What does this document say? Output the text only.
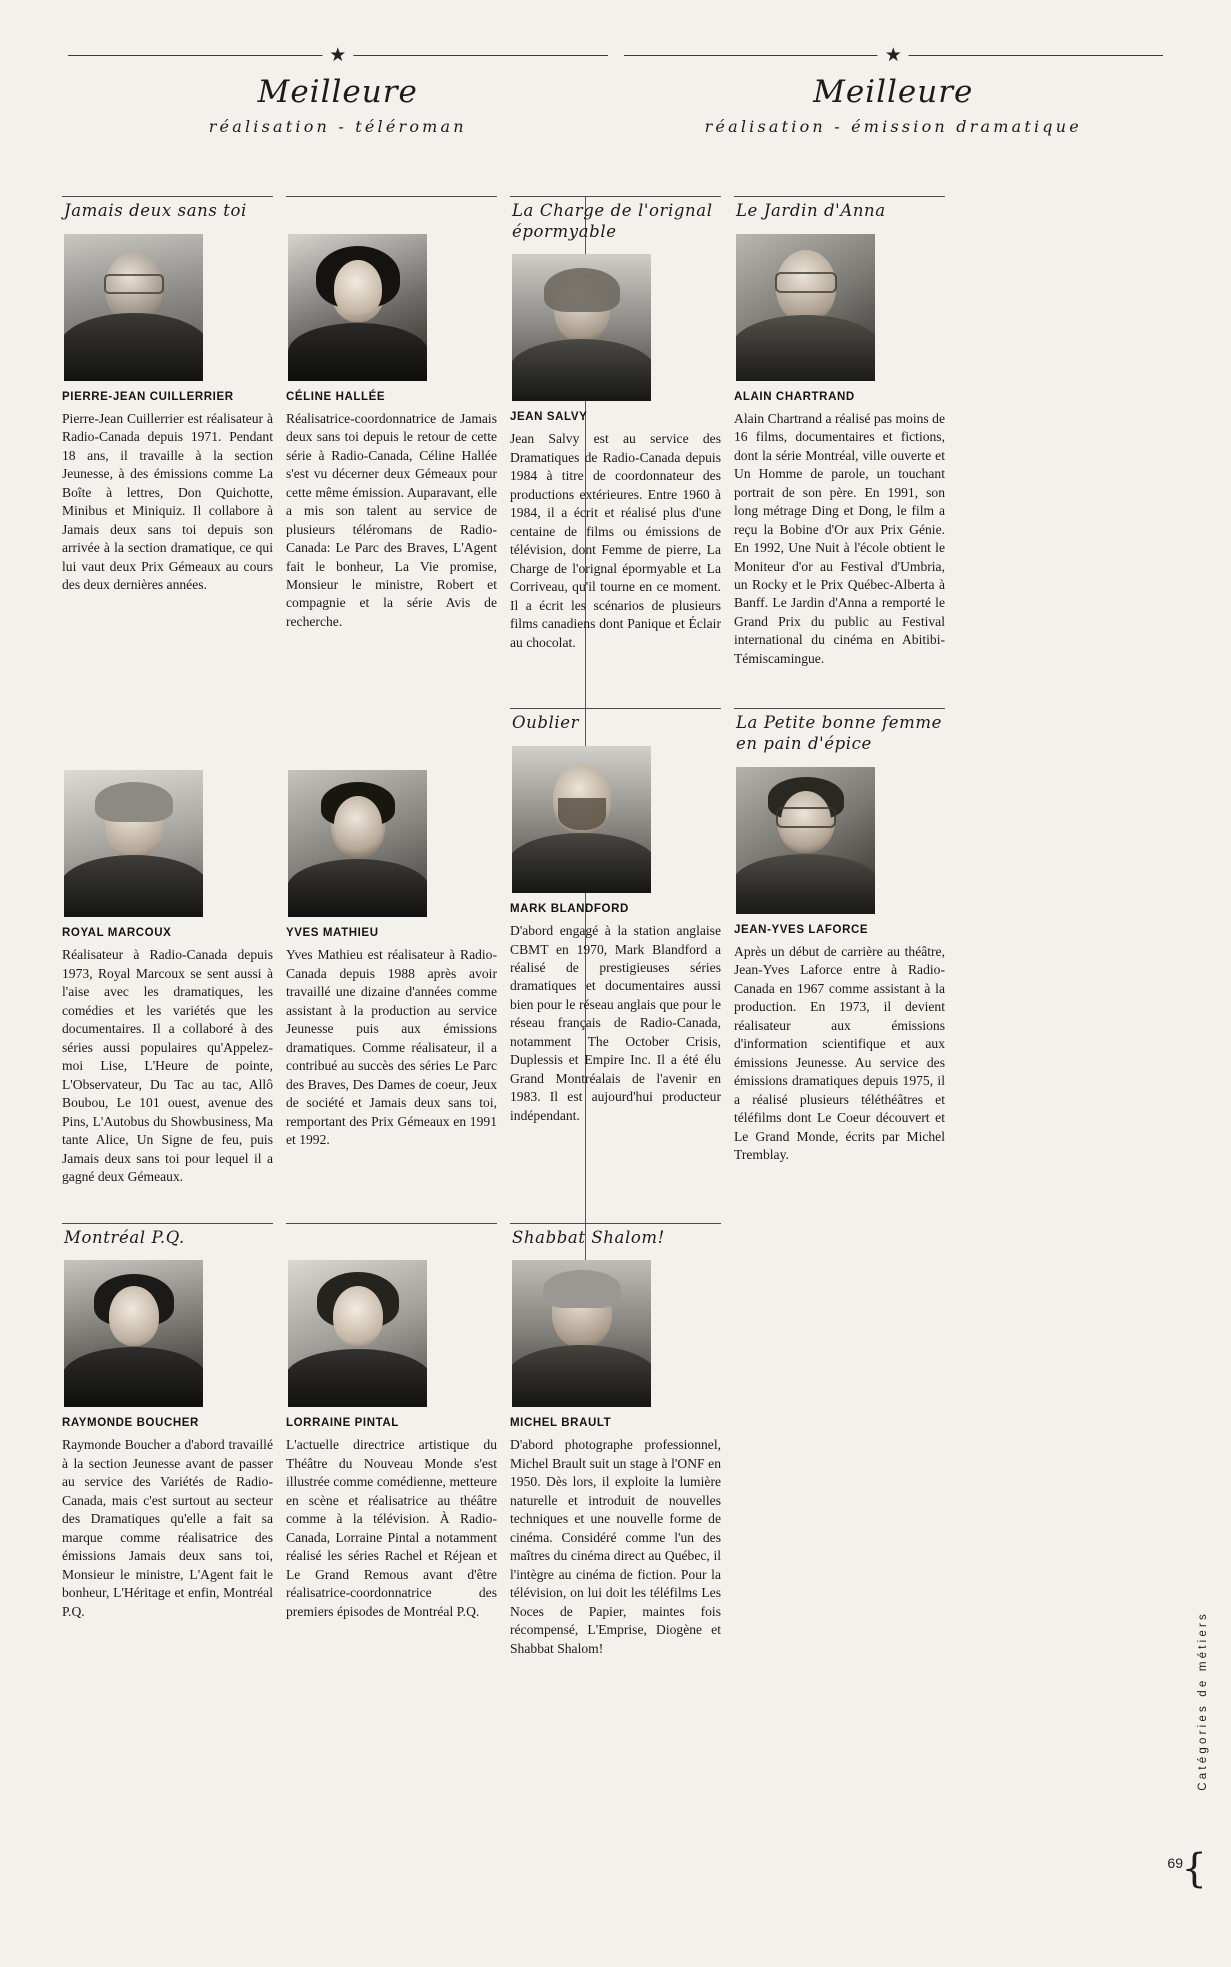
★
Meilleure
réalisation - téléroman
★
Meilleure
réalisation - émission dramatique
Jamais deux sans toi
PIERRE-JEAN CUILLERRIER
Pierre-Jean Cuillerrier est réalisateur à Radio-Canada depuis 1971. Pendant 18 ans, il travaille à la section Jeunesse, à des émissions comme La Boîte à lettres, Don Quichotte, Minibus et Miniquiz. Il collabore à Jamais deux sans toi depuis son arrivée à la section dramatique, ce qui lui vaut deux Prix Gémeaux au cours des deux dernières années.

CÉLINE HALLÉE
Réalisatrice-coordonnatrice de Jamais deux sans toi depuis le retour de cette série à Radio-Canada, Céline Hallée s'est vu décerner deux Gémeaux pour cette même émission. Auparavant, elle a mis son talent au service de plusieurs téléromans de Radio-Canada: Le Parc des Braves, L'Agent fait le bonheur, La Vie promise, Monsieur le ministre, Robert et compagnie et la série Avis de recherche.
La Charge de l'orignal épormyable
JEAN SALVY
Jean Salvy est au service des Dramatiques de Radio-Canada depuis 1984 à titre de coordonnateur des productions extérieures. Entre 1960 à 1984, il a écrit et réalisé plus d'une centaine de films ou émissions de télévision, dont Femme de pierre, La Charge de l'orignal épormyable et La Corriveau, qu'il tourne en ce moment. Il a écrit les scénarios de plusieurs films canadiens dont Panique et Éclair au chocolat.
Le Jardin d'Anna
ALAIN CHARTRAND
Alain Chartrand a réalisé pas moins de 16 films, documentaires et fictions, dont la série Montréal, ville ouverte et Un Homme de parole, un touchant portrait de son père. En 1991, son long métrage Ding et Dong, le film a reçu la Bobine d'Or aux Prix Génie. En 1992, Une Nuit à l'école obtient le Moniteur d'or au Festival d'Umbria, un Rocky et le Prix Québec-Alberta à Banff. Le Jardin d'Anna a remporté le Grand Prix du public au Festival international du cinéma en Abitibi-Témiscamingue.
ROYAL MARCOUX
Réalisateur à Radio-Canada depuis 1973, Royal Marcoux se sent aussi à l'aise avec les dramatiques, les comédies et les variétés que les documentaires. Il a collaboré à des séries aussi populaires qu'Appelez-moi Lise, L'Heure de pointe, L'Observateur, Du Tac au tac, Allô Boubou, Le 101 ouest, avenue des Pins, L'Autobus du Showbusiness, Ma tante Alice, Un Signe de feu, puis Jamais deux sans toi pour lequel il a gagné deux Gémeaux.
YVES MATHIEU
Yves Mathieu est réalisateur à Radio-Canada depuis 1988 après avoir travaillé une dizaine d'années comme assistant à la production au service Jeunesse puis aux émissions dramatiques. Comme réalisateur, il a contribué au succès des séries Le Parc des Braves, Des Dames de coeur, Jeux de société et Jamais deux sans toi, remportant des Prix Gémeaux en 1991 et 1992.
Oublier
MARK BLANDFORD
D'abord engagé à la station anglaise CBMT en 1970, Mark Blandford a réalisé de prestigieuses séries dramatiques et documentaires aussi bien pour le réseau anglais que pour le réseau français de Radio-Canada, notamment The October Crisis, Duplessis et Empire Inc. Il a été élu Grand Montréalais de l'avenir en 1983. Il est aujourd'hui producteur indépendant.
La Petite bonne femme en pain d'épice
JEAN-YVES LAFORCE
Après un début de carrière au théâtre, Jean-Yves Laforce entre à Radio-Canada en 1967 comme assistant à la production. En 1973, il devient réalisateur aux émissions d'information scientifique et aux émissions Jeunesse. Au service des émissions dramatiques depuis 1975, il a réalisé plusieurs téléthéâtres et téléfilms dont Le Coeur découvert et Le Grand Monde, écrits par Michel Tremblay.
Montréal P.Q.
RAYMONDE BOUCHER
Raymonde Boucher a d'abord travaillé à la section Jeunesse avant de passer au service des Variétés de Radio-Canada, mais c'est surtout au secteur des Dramatiques qu'elle a fait sa marque comme réalisatrice des émissions Jamais deux sans toi, Monsieur le ministre, L'Agent fait le bonheur, L'Héritage et enfin, Montréal P.Q.

LORRAINE PINTAL
L'actuelle directrice artistique du Théâtre du Nouveau Monde s'est illustrée comme comédienne, metteure en scène et réalisatrice au théâtre comme à la télévision. À Radio-Canada, Lorraine Pintal a notamment réalisé les séries Rachel et Réjean et Le Grand Remous avant d'être réalisatrice-coordonnatrice des premiers épisodes de Montréal P.Q.
Shabbat Shalom!
MICHEL BRAULT
D'abord photographe professionnel, Michel Brault suit un stage à l'ONF en 1950. Dès lors, il exploite la lumière naturelle et introduit de nouvelles techniques et une nouvelle forme de cinéma. Considéré comme l'un des maîtres du cinéma direct au Québec, il l'intègre au cinéma de fiction. Pour la télévision, on lui doit les téléfilms Les Noces de Papier, maintes fois récompensé, L'Emprise, Diogène et Shabbat Shalom!	Catégories de métiers
69
{
